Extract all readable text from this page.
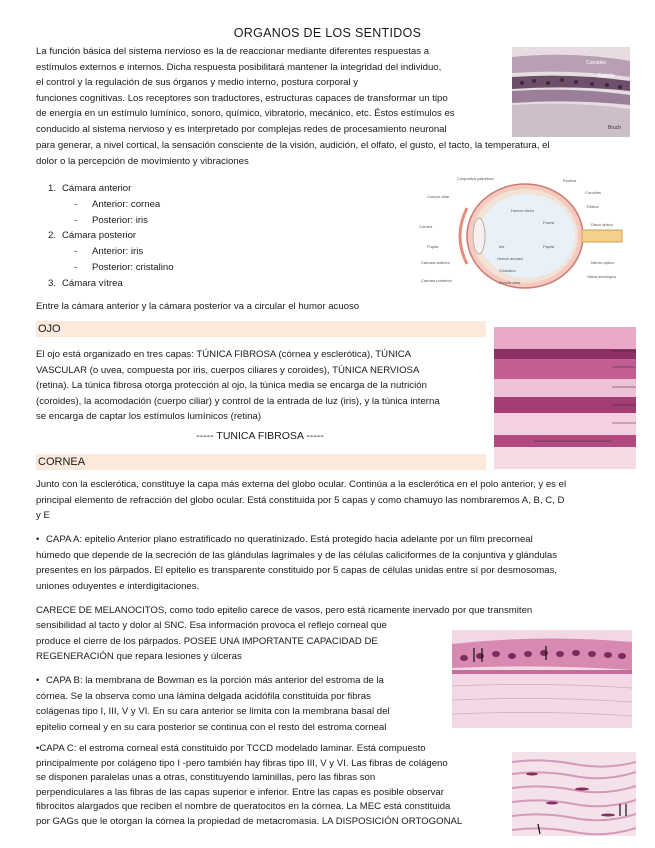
ORGANOS DE LOS SENTIDOS
La función básica del sistema nervioso es la de reaccionar mediante diferentes respuestas a
estímulos externos e internos. Dicha respuesta posibilitará mantener la integridad del individuo,
el control y la regulación de sus órganos y medio interno, postura corporal y
funciones cognitivas. Los receptores son traductores, estructuras capaces de transformar un tipo
de energía en un estímulo lumínico, sonoro, químico, vibratorio, mecánico, etc. Éstos estímulos es
conducido al sistema nervioso y es interpretado por complejas redes de procesamiento neuronal
para generar, a nivel cortical, la sensación consciente de la visión, audición, el olfato, el gusto, el tacto, la temperatura, el
dolor o la percepción de movimiento y vibraciones
Coroides
Epitelio
Bruch
1. Cámara anterior
- Anterior: cornea
- Posterior: iris
2. Cámara posterior
- Anterior: iris
- Posterior: cristalino
3. Cámara vítrea
Conjuntiva palpebral	Esclera
Coroides
Cuerpo ciliar
Córnea
Pupila	Iris
Humor acuoso
Cristalino
Retina
Fóvea
Humor vítreo
Papila
Disco óptico
Nervio óptico
Cámara anterior
Cámara posterior	Zónula ciliar
Vaina meníngea
Entre la cámara anterior y la cámara posterior va a circular el humor acuoso
OJO
El ojo está organizado en tres capas: TÚNICA FIBROSA (córnea y esclerótica), TÚNICA
VASCULAR (o uvea, compuesta por iris, cuerpos ciliares y coroides), TÚNICA NERVIOSA
(retina). La túnica fibrosa otorga protección al ojo, la túnica media se encarga de la nutrición
(coroides), la acomodación (cuerpo ciliar) y control de la entrada de luz (iris), y la túnica interna
se encarga de captar los estímulos lumínicos (retina)
----- TUNICA FIBROSA -----
CORNEA
Junto con la esclerótica, constituye la capa más externa del globo ocular. Continúa a la esclerótica en el polo anterior, y es el
principal elemento de refracción del globo ocular. Está constituida por 5 capas y como chamuyo las nombraremos A, B, C, D
y E
• CAPA A: epitelio Anterior plano estratificado no queratinizado. Está protegido hacia adelante por un film precorneal
húmedo que depende de la secreción de las glándulas lagrimales y de las células caliciformes de la conjuntiva y glándulas
presentes en los párpados. El epitelio es transparente constituido por 5 capas de células unidas entre sí por desmosomas,
uniones oduyentes e interdigitaciones.
CARECE DE MELANOCITOS, como todo epitelio carece de vasos, pero está ricamente inervado por que transmiten
sensibilidad al tacto y dolor al SNC. Esa información provoca el reflejo corneal que
produce el cierre de los párpados. POSEE UNA IMPORTANTE CAPACIDAD DE
REGENERACIÓN que repara lesiones y úlceras
• CAPA B: la membrana de Bowman es la porción más anterior del estroma de la
córnea. Se la observa como una lámina delgada acidófila constituida por fibras
colágenas tipo I, III, V y VI. En su cara anterior se limita con la membrana basal del
epitelio corneal y en su cara posterior se continua con el resto del estroma corneal
•CAPA C: el estroma corneal está constituido por TCCD modelado laminar. Está compuesto
principalmente por colágeno tipo I -pero también hay fibras tipo III, V y VI. Las fibras de colágeno
se disponen paralelas unas a otras, constituyendo laminillas, pero las fibras son
perpendiculares a las fibras de las capas superior e inferior. Entre las capas es posible observar
fibrocitos alargados que reciben el nombre de queratocitos en la córnea. La MEC está constituida
por GAGs que le otorgan la córnea la propiedad de metacromasia. LA DISPOSICIÓN ORTOGONAL
